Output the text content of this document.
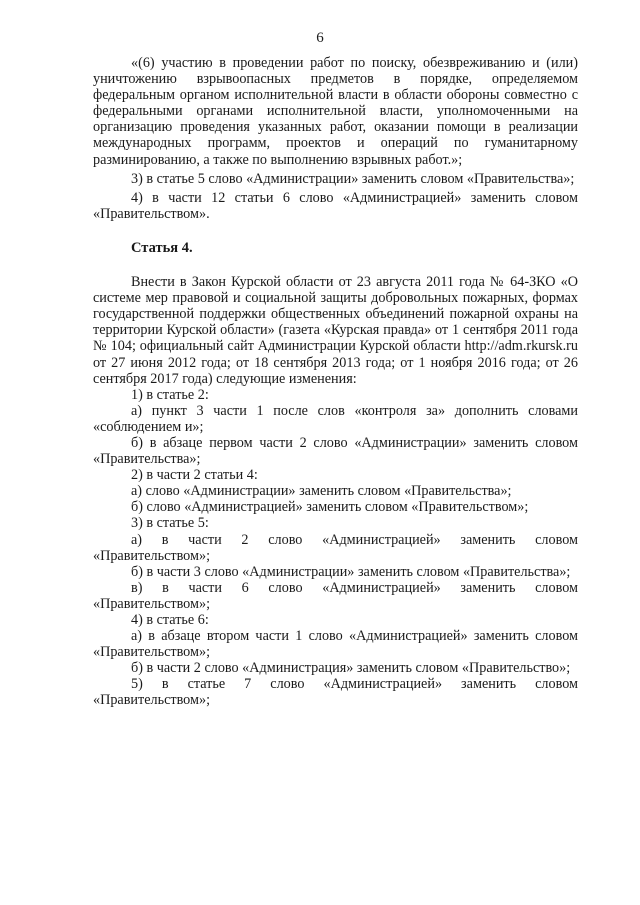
6

«(6) участию в проведении работ по поиску, обезвреживанию и (или) уничтожению взрывоопасных предметов в порядке, определяемом федеральным органом исполнительной власти в области обороны совместно с федеральными органами исполнительной власти, уполномоченными на организацию проведения указанных работ, оказании помощи в реализации международных программ, проектов и операций по гуманитарному разминированию, а также по выполнению взрывных работ.»;

3) в статье 5 слово «Администрации» заменить словом «Правительства»;

4) в части 12 статьи 6 слово «Администрацией» заменить словом «Правительством».

Статья 4.

Внести в Закон Курской области от 23 августа 2011 года № 64-ЗКО «О системе мер правовой и социальной защиты добровольных пожарных, формах государственной поддержки общественных объединений пожарной охраны на территории Курской области» (газета «Курская правда» от 1 сентября 2011 года № 104; официальный сайт Администрации Курской области http://adm.rkursk.ru от 27 июня 2012 года; от 18 сентября 2013 года; от 1 ноября 2016 года; от 26 сентября 2017 года) следующие изменения:

1) в статье 2:

а) пункт 3 части 1 после слов «контроля за» дополнить словами «соблюдением и»;

б) в абзаце первом части 2 слово «Администрации» заменить словом «Правительства»;

2) в части 2 статьи 4:

а) слово «Администрации» заменить словом «Правительства»;

б) слово «Администрацией» заменить словом «Правительством»;

3) в статье 5:

а) в части 2 слово «Администрацией» заменить словом «Правительством»;

б) в части 3 слово «Администрации» заменить словом «Правительства»;

в) в части 6 слово «Администрацией» заменить словом «Правительством»;

4) в статье 6:

а) в абзаце втором части 1 слово «Администрацией» заменить словом «Правительством»;

б) в части 2 слово «Администрация» заменить словом «Правительство»;

5) в статье 7 слово «Администрацией» заменить словом «Правительством»;
